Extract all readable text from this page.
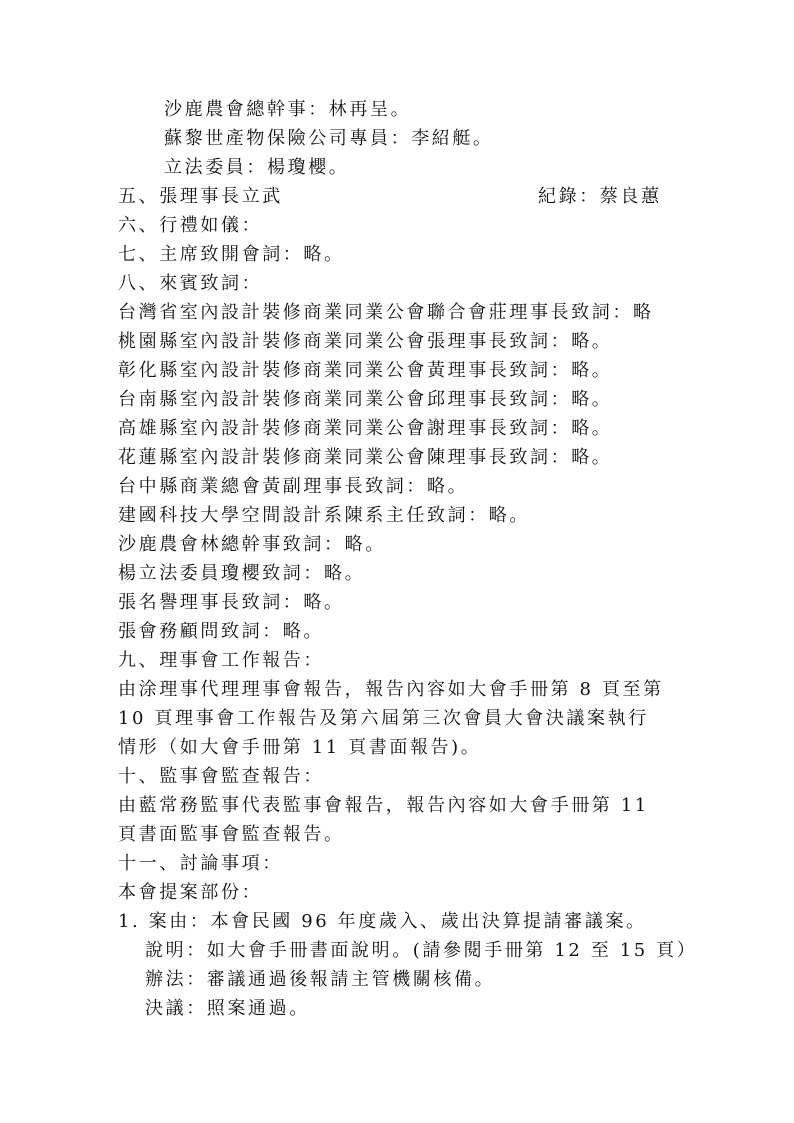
沙鹿農會總幹事：林再呈。
蘇黎世產物保險公司專員：李紹艇。
立法委員：楊瓊櫻。
五、張理事長立武	紀錄：蔡良蕙
六、行禮如儀：
七、主席致開會詞：略。
八、來賓致詞：
台灣省室內設計裝修商業同業公會聯合會莊理事長致詞：略
桃園縣室內設計裝修商業同業公會張理事長致詞：略。
彰化縣室內設計裝修商業同業公會黃理事長致詞：略。
台南縣室內設計裝修商業同業公會邱理事長致詞：略。
高雄縣室內設計裝修商業同業公會謝理事長致詞：略。
花蓮縣室內設計裝修商業同業公會陳理事長致詞：略。
台中縣商業總會黃副理事長致詞：略。
建國科技大學空間設計系陳系主任致詞：略。
沙鹿農會林總幹事致詞：略。
楊立法委員瓊櫻致詞：略。
張名譽理事長致詞：略。
張會務顧問致詞：略。
九、理事會工作報告：
由涂理事代理理事會報告，報告內容如大會手冊第 8 頁至第
10 頁理事會工作報告及第六屆第三次會員大會決議案執行
情形（如大會手冊第 11 頁書面報告)。
十、監事會監查報告：
由藍常務監事代表監事會報告，報告內容如大會手冊第 11
頁書面監事會監查報告。
十一、討論事項：
本會提案部份：
1. 案由：本會民國 96 年度歲入、歲出決算提請審議案。
說明：如大會手冊書面說明。(請參閱手冊第 12 至 15 頁）
辦法：審議通過後報請主管機關核備。
決議：照案通過。
